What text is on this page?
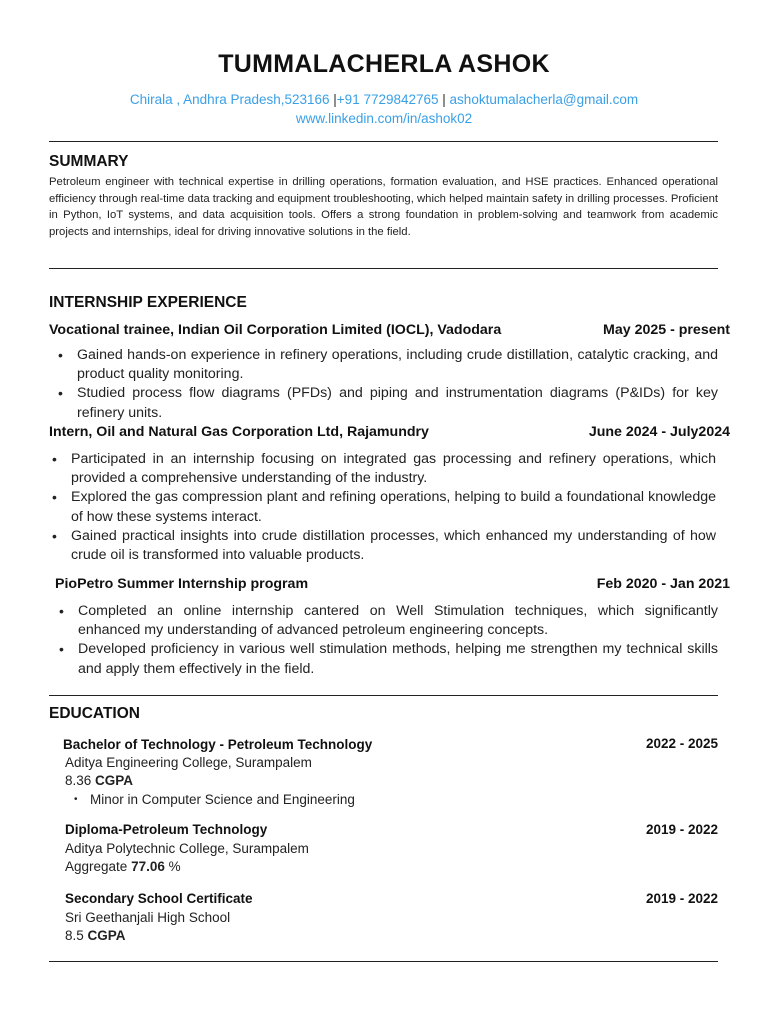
TUMMALACHERLA ASHOK
Chirala , Andhra Pradesh,523166 |+91 7729842765 | ashoktumalacherla@gmail.com
www.linkedin.com/in/ashok02
SUMMARY
Petroleum engineer with technical expertise in drilling operations, formation evaluation, and HSE practices. Enhanced operational efficiency through real-time data tracking and equipment troubleshooting, which helped maintain safety in drilling processes. Proficient in Python, IoT systems, and data acquisition tools. Offers a strong foundation in problem-solving and teamwork from academic projects and internships, ideal for driving innovative solutions in the field.
INTERNSHIP EXPERIENCE
Vocational trainee, Indian Oil Corporation Limited (IOCL), Vadodara	May 2025 - present
• Gained hands-on experience in refinery operations, including crude distillation, catalytic cracking, and product quality monitoring.
• Studied process flow diagrams (PFDs) and piping and instrumentation diagrams (P&IDs) for key refinery units.
Intern, Oil and Natural Gas Corporation Ltd, Rajamundry	June 2024 - July2024
• Participated in an internship focusing on integrated gas processing and refinery operations, which provided a comprehensive understanding of the industry.
• Explored the gas compression plant and refining operations, helping to build a foundational knowledge of how these systems interact.
• Gained practical insights into crude distillation processes, which enhanced my understanding of how crude oil is transformed into valuable products.
PioPetro Summer Internship program	Feb 2020 - Jan 2021
• Completed an online internship cantered on Well Stimulation techniques, which significantly enhanced my understanding of advanced petroleum engineering concepts.
• Developed proficiency in various well stimulation methods, helping me strengthen my technical skills and apply them effectively in the field.
EDUCATION
Bachelor of Technology - Petroleum Technology	2022 - 2025
Aditya Engineering College, Surampalem
8.36 CGPA
• Minor in Computer Science and Engineering
Diploma-Petroleum Technology	2019 - 2022
Aditya Polytechnic College, Surampalem
Aggregate 77.06 %
Secondary School Certificate	2019 - 2022
Sri Geethanjali High School
8.5 CGPA
